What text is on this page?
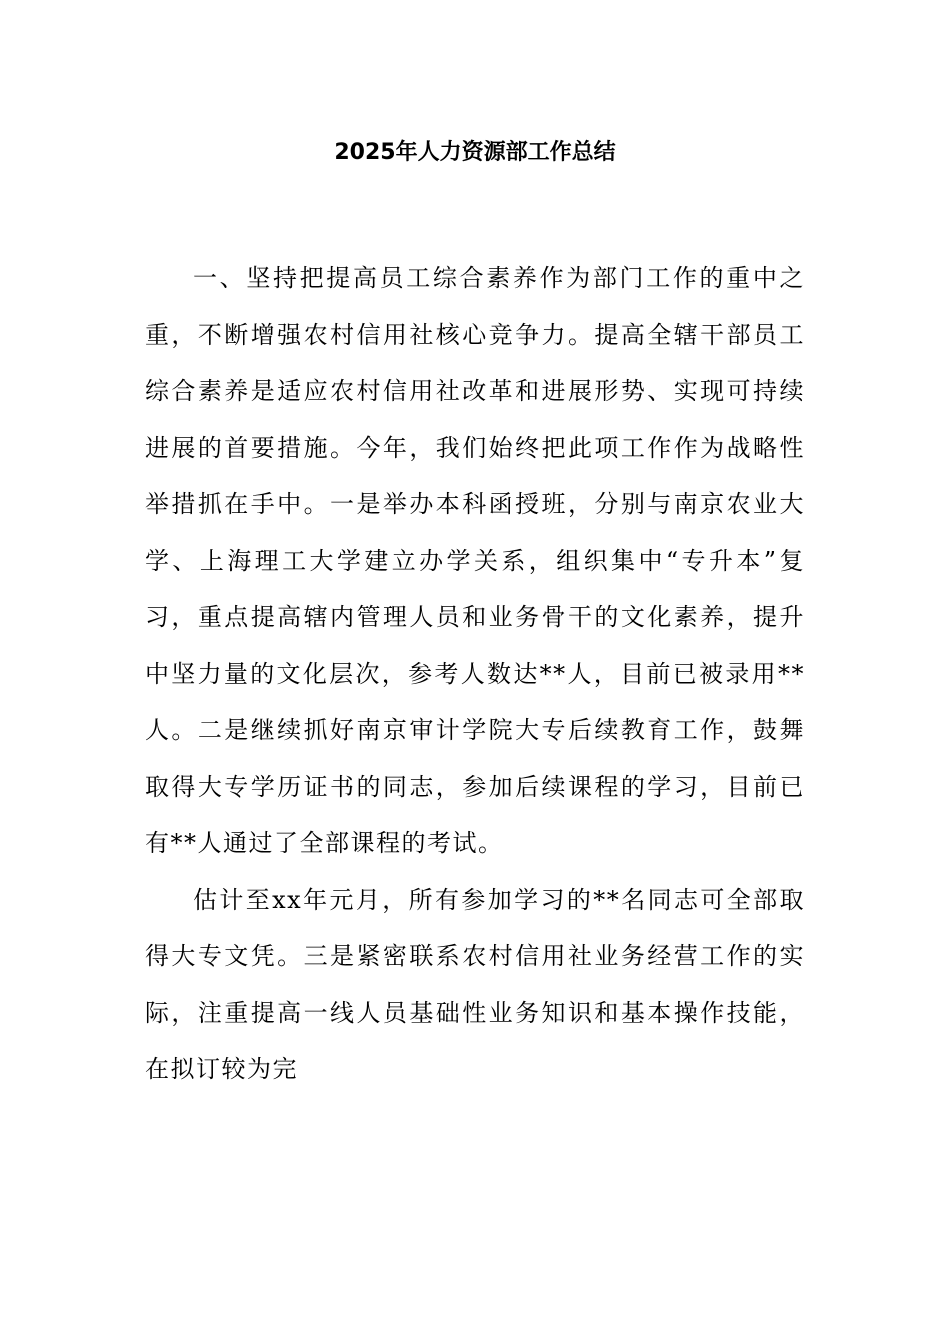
2025年人力资源部工作总结

一、坚持把提高员工综合素养作为部门工作的重中之重，不断增强农村信用社核心竞争力。提高全辖干部员工综合素养是适应农村信用社改革和进展形势、实现可持续进展的首要措施。今年，我们始终把此项工作作为战略性举措抓在手中。一是举办本科函授班，分别与南京农业大学、上海理工大学建立办学关系，组织集中“专升本”复习，重点提高辖内管理人员和业务骨干的文化素养，提升中坚力量的文化层次，参考人数达**人，目前已被录用**人。二是继续抓好南京审计学院大专后续教育工作，鼓舞取得大专学历证书的同志，参加后续课程的学习，目前已有**人通过了全部课程的考试。

估计至xx年元月，所有参加学习的**名同志可全部取得大专文凭。三是紧密联系农村信用社业务经营工作的实际，注重提高一线人员基础性业务知识和基本操作技能，在拟订较为完
